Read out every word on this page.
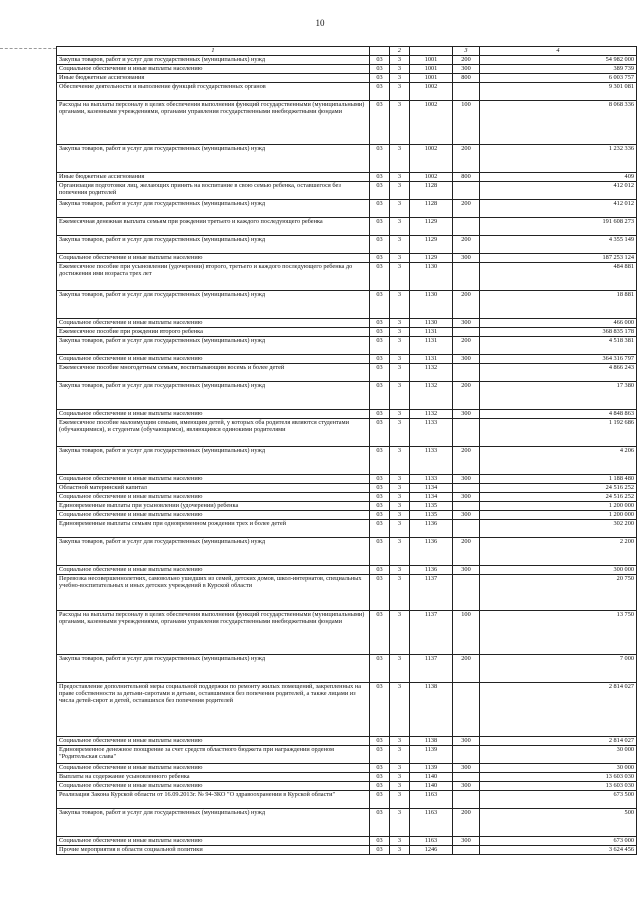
10
1		2		3	4
Закупка товаров, работ и услуг для государственных (муниципальных) нужд	03	3	1001	200	54 982 000
Социальное обеспечение и иные выплаты населению	03	3	1001	300	389 739
Иные бюджетные ассигнования	03	3	1001	800	6 003 757
Обеспечение деятельности и выполнение функций государственных органов	03	3	1002		9 301 081
Расходы на выплаты персоналу в целях обеспечения выполнения функций государственными (муниципальными) органами, казенными учреждениями, органами управления государственными внебюджетными фондами	03	3	1002	100	8 068 336
Закупка товаров, работ и услуг для государственных (муниципальных) нужд	03	3	1002	200	1 232 336
Иные бюджетные ассигнования	03	3	1002	800	409
Организация подготовки лиц, желающих принять на воспитание в свою семью ребенка, оставшегося без попечения родителей	03	3	1128		412 012
Закупка товаров, работ и услуг для государственных (муниципальных) нужд	03	3	1128	200	412 012
Ежемесячная денежная выплата семьям при рождении третьего и каждого последующего ребенка	03	3	1129		191 608 273
Закупка товаров, работ и услуг для государственных (муниципальных) нужд	03	3	1129	200	4 355 149
Социальное обеспечение и иные выплаты населению	03	3	1129	300	187 253 124
Ежемесячное пособие при усыновлении (удочерении) второго, третьего и каждого последующего ребенка до достижения ими возраста трех лет	03	3	1130		484 881
Закупка товаров, работ и услуг для государственных (муниципальных) нужд	03	3	1130	200	18 881
Социальное обеспечение и иные выплаты населению	03	3	1130	300	466 000
Ежемесячное пособие при рождении второго ребенка	03	3	1131		368 835 178
Закупка товаров, работ и услуг для государственных (муниципальных) нужд	03	3	1131	200	4 518 381
Социальное обеспечение и иные выплаты населению	03	3	1131	300	364 316 797
Ежемесячное пособие многодетным семьям, воспитывающим восемь и более детей	03	3	1132		4 866 243
Закупка товаров, работ и услуг для государственных (муниципальных) нужд	03	3	1132	200	17 380
Социальное обеспечение и иные выплаты населению	03	3	1132	300	4 848 863
Ежемесячное пособие малоимущим семьям, имеющим детей, у которых оба родителя являются студентами (обучающимися), и студентам (обучающимся), являющимся одинокими родителями	03	3	1133		1 192 686
Закупка товаров, работ и услуг для государственных (муниципальных) нужд	03	3	1133	200	4 206
Социальное обеспечение и иные выплаты населению	03	3	1133	300	1 188 480
Областной материнский капитал	03	3	1134		24 516 252
Социальное обеспечение и иные выплаты населению	03	3	1134	300	24 516 252
Единовременные выплаты при усыновлении (удочерении) ребенка	03	3	1135		1 200 000
Социальное обеспечение и иные выплаты населению	03	3	1135	300	1 200 000
Единовременные выплаты семьям при одновременном рождении трех и более детей	03	3	1136		302 200
Закупка товаров, работ и услуг для государственных (муниципальных) нужд	03	3	1136	200	2 200
Социальное обеспечение и иные выплаты населению	03	3	1136	300	300 000
Перевозка несовершеннолетних, самовольно ушедших из семей, детских домов, школ-интернатов, специальных учебно-воспитательных и иных детских учреждений в Курской области	03	3	1137		20 750
Расходы на выплаты персоналу в целях обеспечения выполнения функций государственными (муниципальными) органами, казенными учреждениями, органами управления государственными внебюджетными фондами	03	3	1137	100	13 750
Закупка товаров, работ и услуг для государственных (муниципальных) нужд	03	3	1137	200	7 000
Предоставление дополнительной меры социальной поддержки по ремонту жилых помещений, закрепленных на праве собственности за детьми-сиротами и детьми, оставшимися без попечения родителей, а также лицами из числа детей-сирот и детей, оставшихся без попечения родителей	03	3	1138		2 814 027
Социальное обеспечение и иные выплаты населению	03	3	1138	300	2 814 027
Единовременное денежное поощрение за счет средств областного бюджета при награждении орденом "Родительская слава"	03	3	1139		30 000
Социальное обеспечение и иные выплаты населению	03	3	1139	300	30 000
Выплаты на содержание усыновленного ребенка	03	3	1140		13 603 030
Социальное обеспечение и иные выплаты населению	03	3	1140	300	13 603 030
Реализация Закона Курской области от 16.09.2013г. № 94-ЗКО "О здравоохранении в Курской области"	03	3	1163		673 500
Закупка товаров, работ и услуг для государственных (муниципальных) нужд	03	3	1163	200	500
Социальное обеспечение и иные выплаты населению	03	3	1163	300	673 000
Прочие мероприятия в области социальной политики	03	3	1246		3 624 456
